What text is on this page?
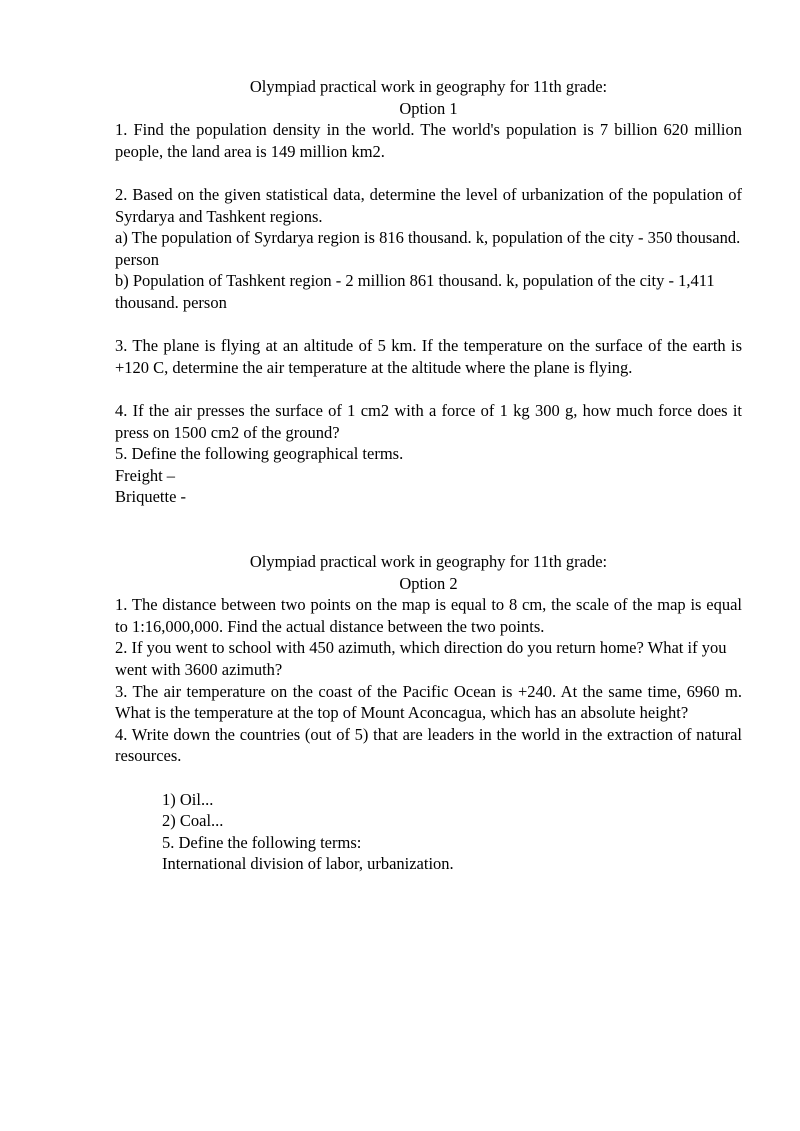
Olympiad practical work in geography for 11th grade:

Option 1

1. Find the population density in the world. The world's population is 7 billion 620 million people, the land area is 149 million km2.

2. Based on the given statistical data, determine the level of urbanization of the population of Syrdarya and Tashkent regions.

a) The population of Syrdarya region is 816 thousand. k, population of the city - 350 thousand. person

b) Population of Tashkent region - 2 million 861 thousand. k, population of the city - 1,411 thousand. person

3. The plane is flying at an altitude of 5 km. If the temperature on the surface of the earth is +120 C, determine the air temperature at the altitude where the plane is flying.

4. If the air presses the surface of 1 cm2 with a force of 1 kg 300 g, how much force does it press on 1500 cm2 of the ground?

5. Define the following geographical terms.

Freight –

Briquette -

Olympiad practical work in geography for 11th grade:

Option 2

1. The distance between two points on the map is equal to 8 cm, the scale of the map is equal to 1:16,000,000. Find the actual distance between the two points.

2. If you went to school with 450 azimuth, which direction do you return home? What if you went with 3600 azimuth?

3. The air temperature on the coast of the Pacific Ocean is +240. At the same time, 6960 m. What is the temperature at the top of Mount Aconcagua, which has an absolute height?

4. Write down the countries (out of 5) that are leaders in the world in the extraction of natural resources.

1) Oil...

2) Coal...

5. Define the following terms:

International division of labor, urbanization.
